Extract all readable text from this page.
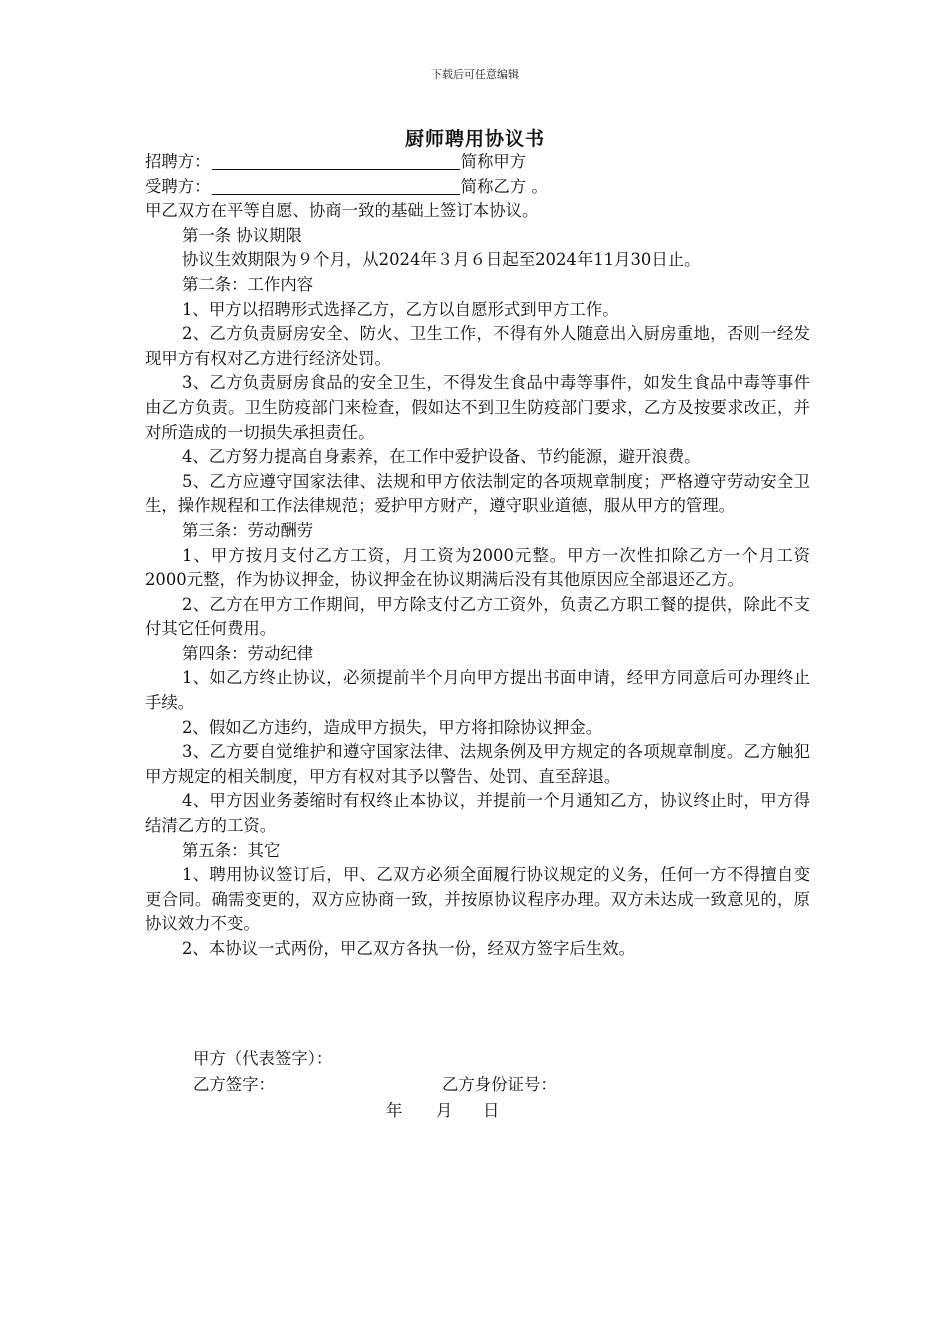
下载后可任意编辑
厨师聘用协议书
招聘方：	简称甲方
受聘方：	简称乙方 。
甲乙双方在平等自愿、协商一致的基础上签订本协议。
第一条 协议期限
协议生效期限为９个月，从2024年３月６日起至2024年11月30日止。
第二条：工作内容
1、甲方以招聘形式选择乙方，乙方以自愿形式到甲方工作。
2、乙方负责厨房安全、防火、卫生工作，不得有外人随意出入厨房重地，否则一经发现甲方有权对乙方进行经济处罚。
3、乙方负责厨房食品的安全卫生，不得发生食品中毒等事件，如发生食品中毒等事件由乙方负责。卫生防疫部门来检查，假如达不到卫生防疫部门要求，乙方及按要求改正，并对所造成的一切损失承担责任。
4、乙方努力提高自身素养，在工作中爱护设备、节约能源，避开浪费。
5、乙方应遵守国家法律、法规和甲方依法制定的各项规章制度；严格遵守劳动安全卫生，操作规程和工作法律规范；爱护甲方财产，遵守职业道德，服从甲方的管理。
第三条：劳动酬劳
1、甲方按月支付乙方工资，月工资为2000元整。甲方一次性扣除乙方一个月工资2000元整，作为协议押金，协议押金在协议期满后没有其他原因应全部退还乙方。
2、乙方在甲方工作期间，甲方除支付乙方工资外，负责乙方职工餐的提供，除此不支付其它任何费用。
第四条：劳动纪律
1、如乙方终止协议，必须提前半个月向甲方提出书面申请，经甲方同意后可办理终止手续。
2、假如乙方违约，造成甲方损失，甲方将扣除协议押金。
3、乙方要自觉维护和遵守国家法律、法规条例及甲方规定的各项规章制度。乙方触犯甲方规定的相关制度，甲方有权对其予以警告、处罚、直至辞退。
4、甲方因业务萎缩时有权终止本协议，并提前一个月通知乙方，协议终止时，甲方得结清乙方的工资。
第五条：其它
1、聘用协议签订后，甲、乙双方必须全面履行协议规定的义务，任何一方不得擅自变更合同。确需变更的，双方应协商一致，并按原协议程序办理。双方未达成一致意见的，原协议效力不变。
2、本协议一式两份，甲乙双方各执一份，经双方签字后生效。
甲方（代表签字）：
乙方签字：	乙方身份证号：
年 月 日
